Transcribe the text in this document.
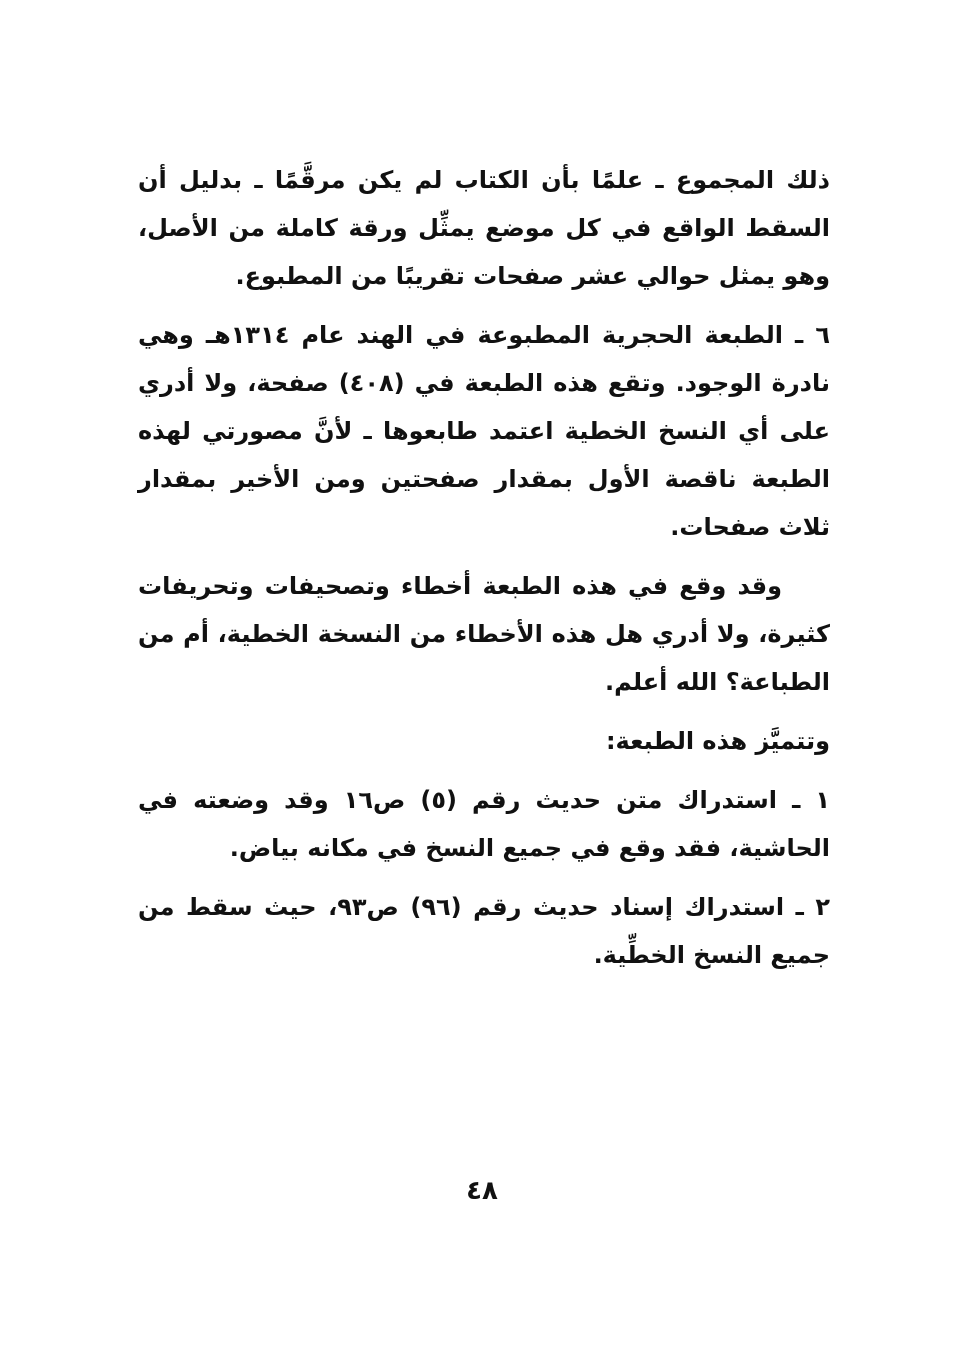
ذلك المجموع ـ علمًا بأن الكتاب لم يكن مرقَّمًا ـ بدليل أن السقط الواقع في كل موضع يمثِّل ورقة كاملة من الأصل، وهو يمثل حوالي عشر صفحات تقريبًا من المطبوع.

٦ ـ الطبعة الحجرية المطبوعة في الهند عام ١٣١٤هـ وهي نادرة الوجود. وتقع هذه الطبعة في (٤٠٨) صفحة، ولا أدري على أي النسخ الخطية اعتمد طابعوها ـ لأنَّ مصورتي لهذه الطبعة ناقصة الأول بمقدار صفحتين ومن الأخير بمقدار ثلاث صفحات.

وقد وقع في هذه الطبعة أخطاء وتصحيفات وتحريفات كثيرة، ولا أدري هل هذه الأخطاء من النسخة الخطية، أم من الطباعة؟ الله أعلم.

وتتميَّز هذه الطبعة:

١ ـ استدراك متن حديث رقم (٥) ص١٦ وقد وضعته في الحاشية، فقد وقع في جميع النسخ في مكانه بياض.

٢ ـ استدراك إسناد حديث رقم (٩٦) ص٩٣، حيث سقط من جميع النسخ الخطِّية.

٤٨
